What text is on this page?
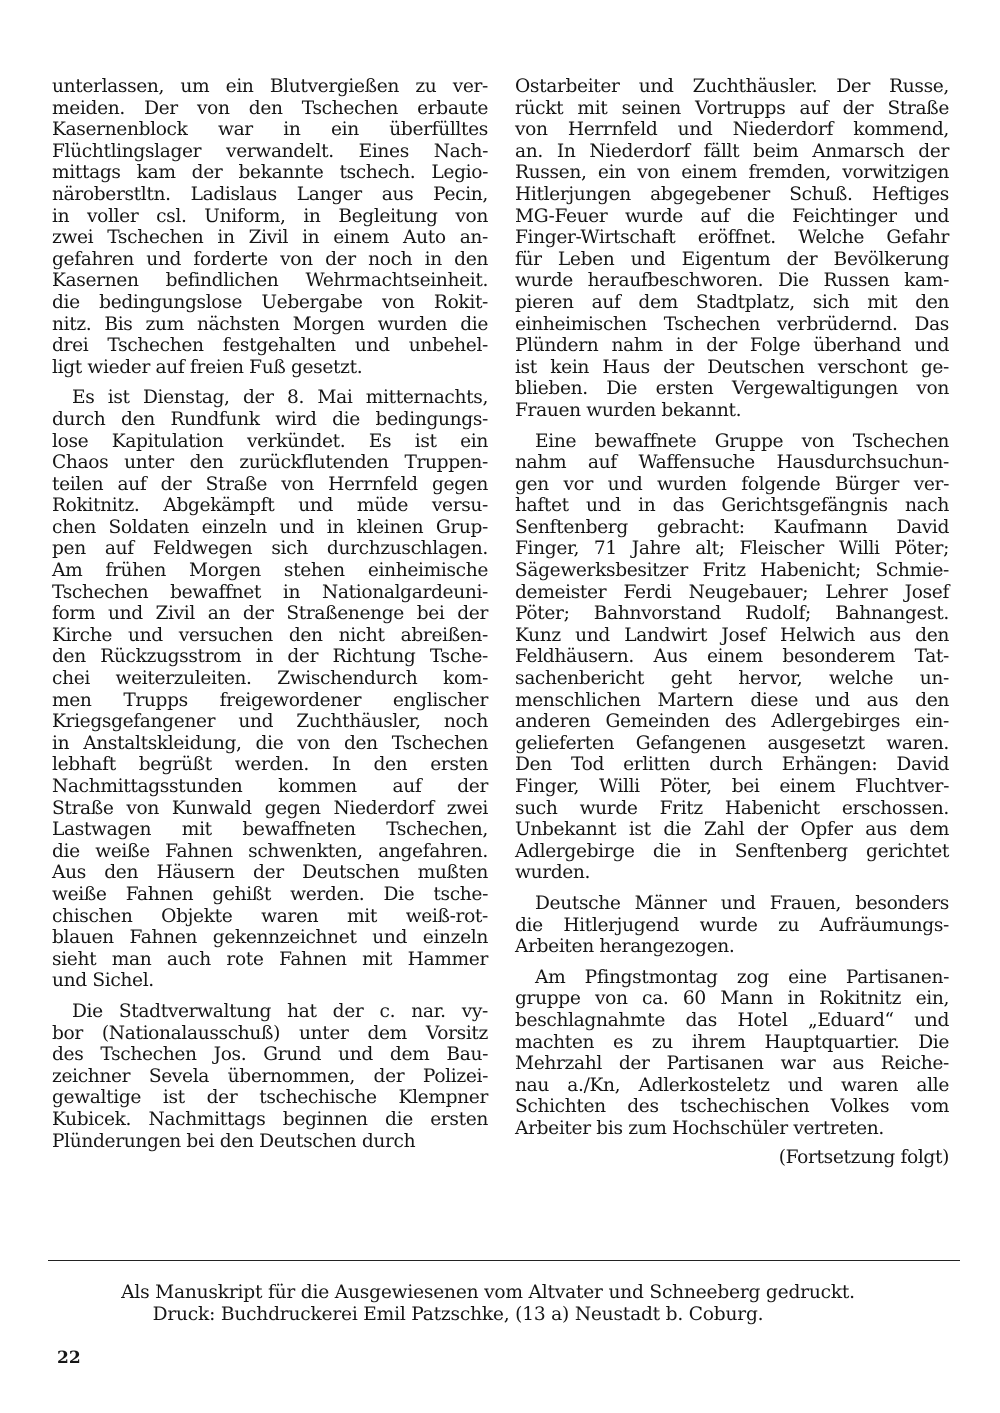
unterlassen, um ein Blutvergießen zu ver-
meiden. Der von den Tschechen erbaute
Kasernenblock war in ein überfülltes
Flüchtlingslager verwandelt. Eines Nach-
mittags kam der bekannte tschech. Legio-
näroberstltn. Ladislaus Langer aus Pecin,
in voller csl. Uniform, in Begleitung von
zwei Tschechen in Zivil in einem Auto an-
gefahren und forderte von der noch in den
Kasernen befindlichen Wehrmachtseinheit.
die bedingungslose Uebergabe von Rokit-
nitz. Bis zum nächsten Morgen wurden die
drei Tschechen festgehalten und unbehel-
ligt wieder auf freien Fuß gesetzt.
Es ist Dienstag, der 8. Mai mitternachts,
durch den Rundfunk wird die bedingungs-
lose Kapitulation verkündet. Es ist ein
Chaos unter den zurückflutenden Truppen-
teilen auf der Straße von Herrnfeld gegen
Rokitnitz. Abgekämpft und müde versu-
chen Soldaten einzeln und in kleinen Grup-
pen auf Feldwegen sich durchzuschlagen.
Am frühen Morgen stehen einheimische
Tschechen bewaffnet in Nationalgardeuni-
form und Zivil an der Straßenenge bei der
Kirche und versuchen den nicht abreißen-
den Rückzugsstrom in der Richtung Tsche-
chei weiterzuleiten. Zwischendurch kom-
men Trupps freigewordener englischer
Kriegsgefangener und Zuchthäusler, noch
in Anstaltskleidung, die von den Tschechen
lebhaft begrüßt werden. In den ersten
Nachmittagsstunden kommen auf der
Straße von Kunwald gegen Niederdorf zwei
Lastwagen mit bewaffneten Tschechen,
die weiße Fahnen schwenkten, angefahren.
Aus den Häusern der Deutschen mußten
weiße Fahnen gehißt werden. Die tsche-
chischen Objekte waren mit weiß-rot-
blauen Fahnen gekennzeichnet und einzeln
sieht man auch rote Fahnen mit Hammer
und Sichel.
Die Stadtverwaltung hat der c. nar. vy-
bor (Nationalausschuß) unter dem Vorsitz
des Tschechen Jos. Grund und dem Bau-
zeichner Sevela übernommen, der Polizei-
gewaltige ist der tschechische Klempner
Kubicek. Nachmittags beginnen die ersten
Plünderungen bei den Deutschen durch
Ostarbeiter und Zuchthäusler. Der Russe,
rückt mit seinen Vortrupps auf der Straße
von Herrnfeld und Niederdorf kommend,
an. In Niederdorf fällt beim Anmarsch der
Russen, ein von einem fremden, vorwitzigen
Hitlerjungen abgegebener Schuß. Heftiges
MG-Feuer wurde auf die Feichtinger und
Finger-Wirtschaft eröffnet. Welche Gefahr
für Leben und Eigentum der Bevölkerung
wurde heraufbeschworen. Die Russen kam-
pieren auf dem Stadtplatz, sich mit den
einheimischen Tschechen verbrüdernd. Das
Plündern nahm in der Folge überhand und
ist kein Haus der Deutschen verschont ge-
blieben. Die ersten Vergewaltigungen von
Frauen wurden bekannt.
Eine bewaffnete Gruppe von Tschechen
nahm auf Waffensuche Hausdurchsuchun-
gen vor und wurden folgende Bürger ver-
haftet und in das Gerichtsgefängnis nach
Senftenberg gebracht: Kaufmann David
Finger, 71 Jahre alt; Fleischer Willi Pöter;
Sägewerksbesitzer Fritz Habenicht; Schmie-
demeister Ferdi Neugebauer; Lehrer Josef
Pöter; Bahnvorstand Rudolf; Bahnangest.
Kunz und Landwirt Josef Helwich aus den
Feldhäusern. Aus einem besonderem Tat-
sachenbericht geht hervor, welche un-
menschlichen Martern diese und aus den
anderen Gemeinden des Adlergebirges ein-
gelieferten Gefangenen ausgesetzt waren.
Den Tod erlitten durch Erhängen: David
Finger, Willi Pöter, bei einem Fluchtver-
such wurde Fritz Habenicht erschossen.
Unbekannt ist die Zahl der Opfer aus dem
Adlergebirge die in Senftenberg gerichtet
wurden.
Deutsche Männer und Frauen, besonders
die Hitlerjugend wurde zu Aufräumungs-
Arbeiten herangezogen.
Am Pfingstmontag zog eine Partisanen-
gruppe von ca. 60 Mann in Rokitnitz ein,
beschlagnahmte das Hotel „Eduard“ und
machten es zu ihrem Hauptquartier. Die
Mehrzahl der Partisanen war aus Reiche-
nau a./Kn, Adlerkosteletz und waren alle
Schichten des tschechischen Volkes vom
Arbeiter bis zum Hochschüler vertreten.
(Fortsetzung folgt)
Als Manuskript für die Ausgewiesenen vom Altvater und Schneeberg gedruckt.
Druck: Buchdruckerei Emil Patzschke, (13 a) Neustadt b. Coburg.
22
